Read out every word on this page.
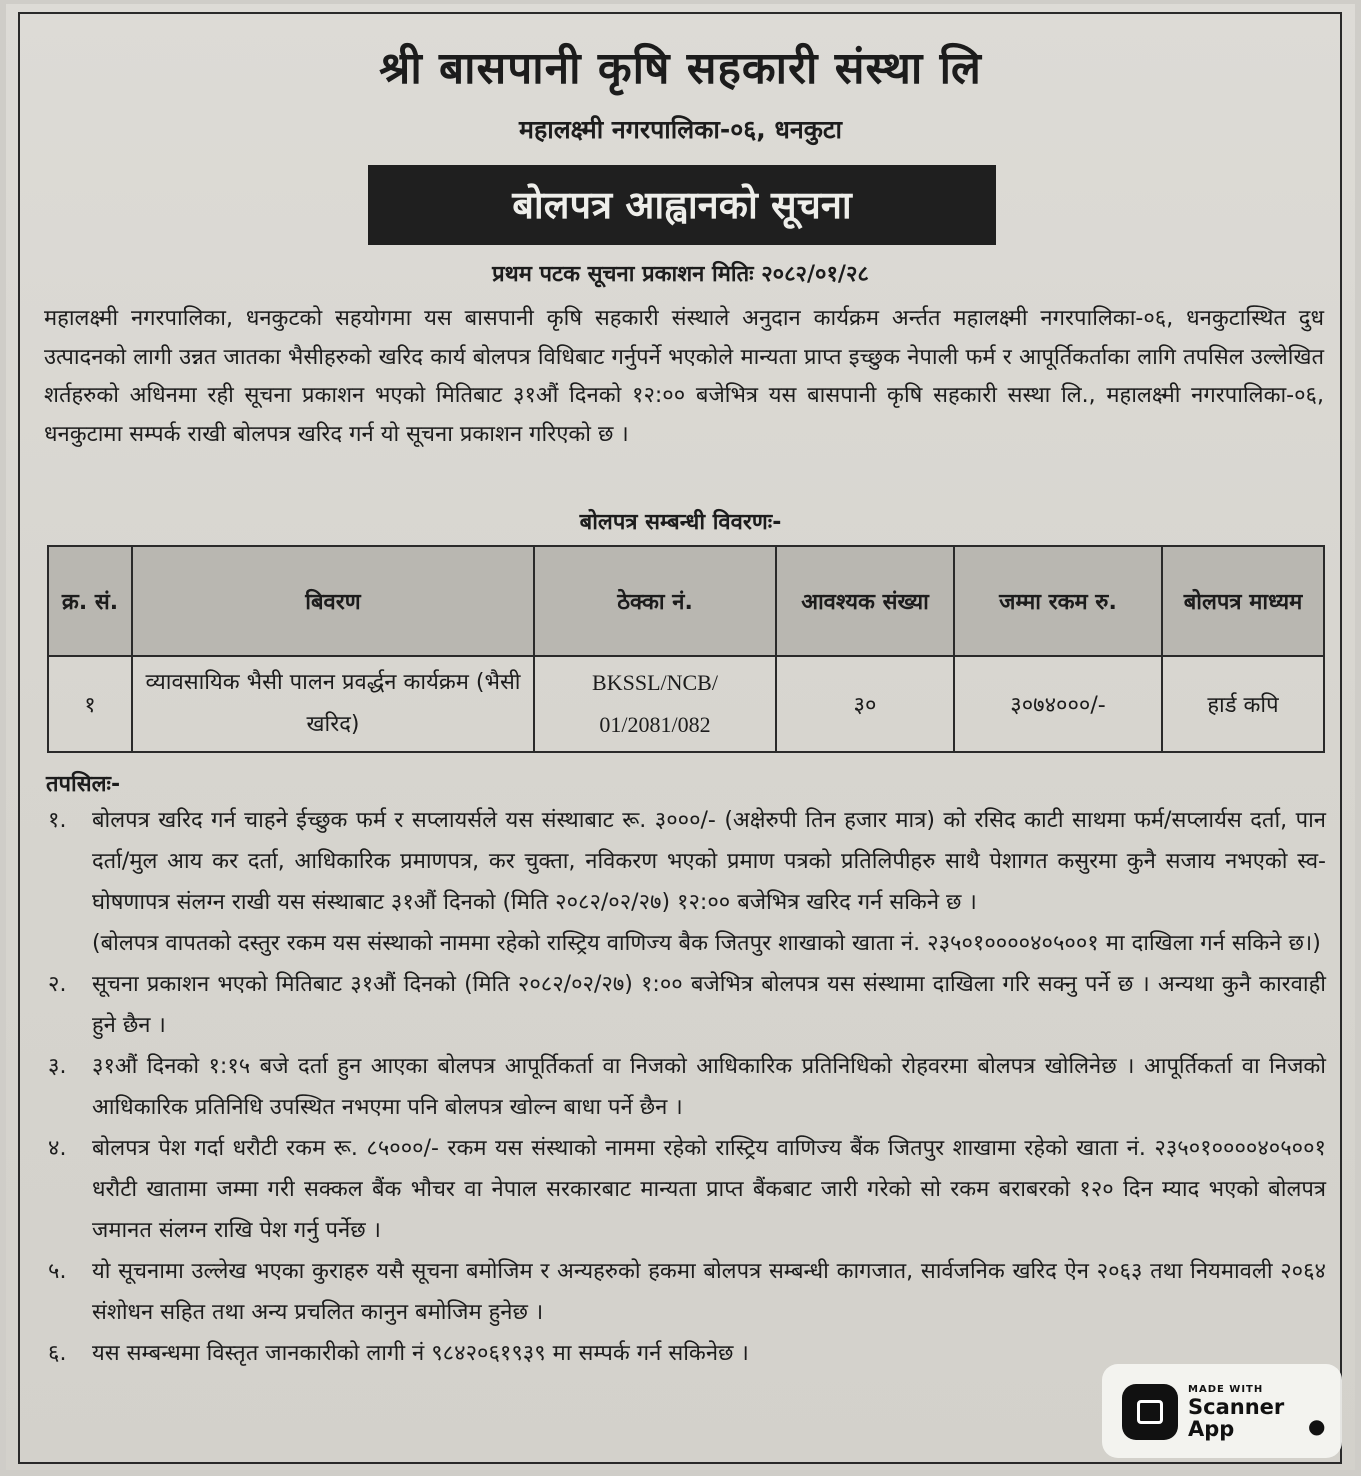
श्री बासपानी कृषि सहकारी संस्था लि
महालक्ष्मी नगरपालिका-०६, धनकुटा
बोलपत्र आह्वानको सूचना
प्रथम पटक सूचना प्रकाशन मितिः २०८२/०१/२८
महालक्ष्मी नगरपालिका, धनकुटको सहयोगमा यस बासपानी कृषि सहकारी संस्थाले अनुदान कार्यक्रम अर्न्तत महालक्ष्मी नगरपालिका-०६, धनकुटास्थित दुध उत्पादनको लागी उन्नत जातका भैसीहरुको खरिद कार्य बोलपत्र विधिबाट गर्नुपर्ने भएकोले मान्यता प्राप्त इच्छुक नेपाली फर्म र आपूर्तिकर्ताका लागि तपसिल उल्लेखित शर्तहरुको अधिनमा रही सूचना प्रकाशन भएको मितिबाट ३१औं दिनको १२:०० बजेभित्र यस बासपानी कृषि सहकारी सस्था लि., महालक्ष्मी नगरपालिका-०६, धनकुटामा सम्पर्क राखी बोलपत्र खरिद गर्न यो सूचना प्रकाशन गरिएको छ ।
बोलपत्र सम्बन्धी विवरणः-
क्र. सं.	बिवरण	ठेक्का नं.	आवश्यक संख्या	जम्मा रकम रु.	बोलपत्र माध्यम
१	व्यावसायिक भैसी पालन प्रवर्द्धन कार्यक्रम (भैसी खरिद)	BKSSL/NCB/ 01/2081/082	३०	३०७४०००/-	हार्ड कपि
तपसिलः-
१. बोलपत्र खरिद गर्न चाहने ईच्छुक फर्म र सप्लायर्सले यस संस्थाबाट रू. ३०००/- (अक्षेरुपी तिन हजार मात्र) को रसिद काटी साथमा फर्म/सप्लार्यस दर्ता, पान दर्ता/मुल आय कर दर्ता, आधिकारिक प्रमाणपत्र, कर चुक्ता, नविकरण भएको प्रमाण पत्रको प्रतिलिपीहरु साथै पेशागत कसुरमा कुनै सजाय नभएको स्व-घोषणापत्र संलग्न राखी यस संस्थाबाट ३१औं दिनको (मिति २०८२/०२/२७) १२:०० बजेभित्र खरिद गर्न सकिने छ ।
(बोलपत्र वापतको दस्तुर रकम यस संस्थाको नाममा रहेको रास्ट्रिय वाणिज्य बैक जितपुर शाखाको खाता नं. २३५०१००००४०५००१ मा दाखिला गर्न सकिने छ।)
२. सूचना प्रकाशन भएको मितिबाट ३१औं दिनको (मिति २०८२/०२/२७) १:०० बजेभित्र बोलपत्र यस संस्थामा दाखिला गरि सक्नु पर्ने छ । अन्यथा कुनै कारवाही हुने छैन ।
३. ३१औं दिनको १:१५ बजे दर्ता हुन आएका बोलपत्र आपूर्तिकर्ता वा निजको आधिकारिक प्रतिनिधिको रोहवरमा बोलपत्र खोलिनेछ । आपूर्तिकर्ता वा निजको आधिकारिक प्रतिनिधि उपस्थित नभएमा पनि बोलपत्र खोल्न बाधा पर्ने छैन ।
४. बोलपत्र पेश गर्दा धरौटी रकम रू. ८५०००/- रकम यस संस्थाको नाममा रहेको रास्ट्रिय वाणिज्य बैंक जितपुर शाखामा रहेको खाता नं. २३५०१००००४०५००१ धरौटी खातामा जम्मा गरी सक्कल बैंक भौचर वा नेपाल सरकारबाट मान्यता प्राप्त बैंकबाट जारी गरेको सो रकम बराबरको १२० दिन म्याद भएको बोलपत्र जमानत संलग्न राखि पेश गर्नु पर्नेछ ।
५. यो सूचनामा उल्लेख भएका कुराहरु यसै सूचना बमोजिम र अन्यहरुको हकमा बोलपत्र सम्बन्धी कागजात, सार्वजनिक खरिद ऐन २०६३ तथा नियमावली २०६४ संशोधन सहित तथा अन्य प्रचलित कानुन बमोजिम हुनेछ ।
६. यस सम्बन्धमा विस्तृत जानकारीको लागी नं ९८४२०६१९३९ मा सम्पर्क गर्न सकिनेछ ।
MADE WITH
Scanner App	●
